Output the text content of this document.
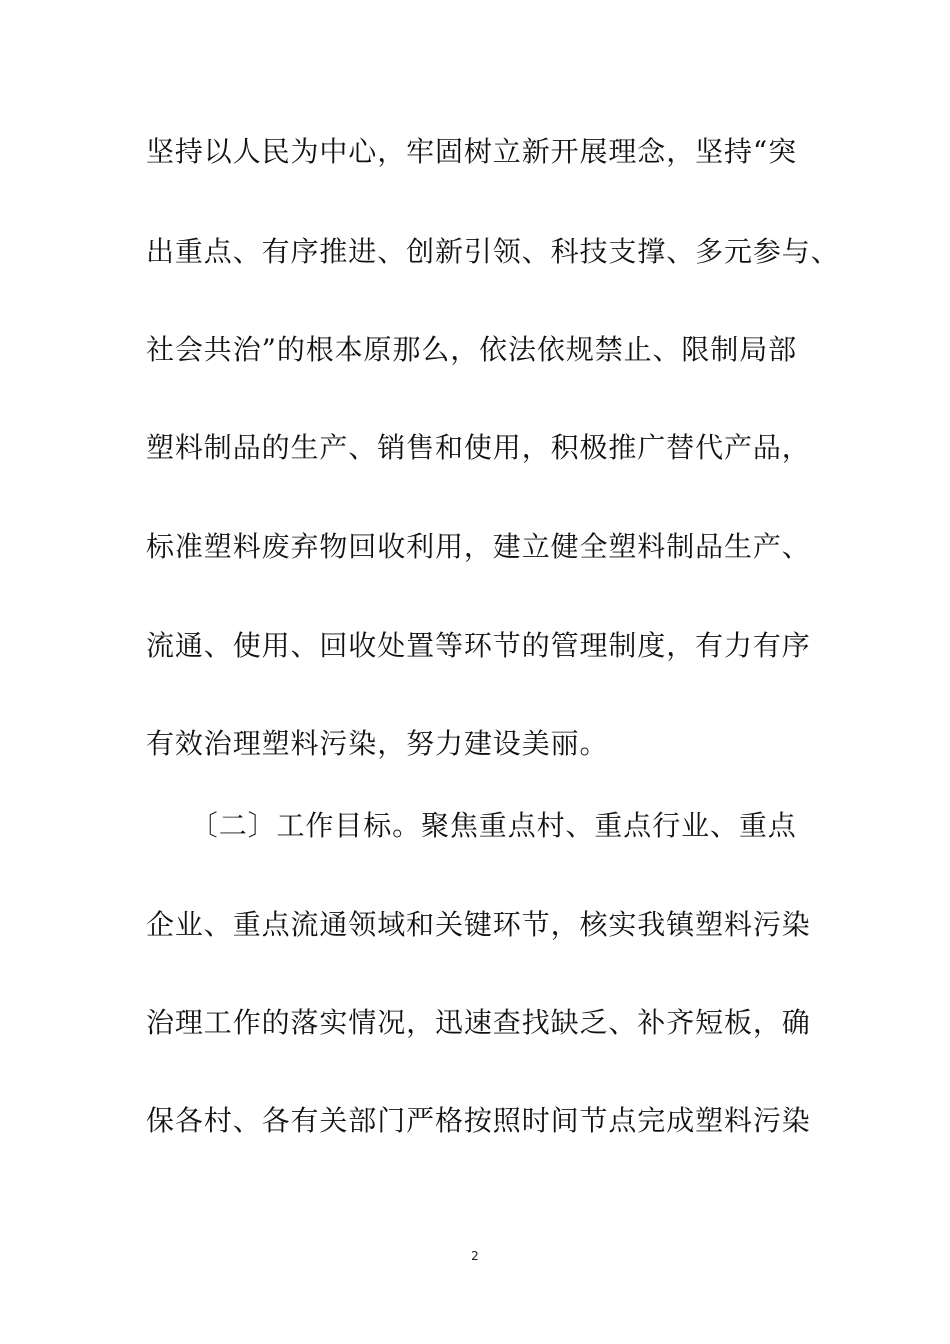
坚持以人民为中心，牢固树立新开展理念，坚持“突
出重点、有序推进、创新引领、科技支撑、多元参与、
社会共治”的根本原那么，依法依规禁止、限制局部
塑料制品的生产、销售和使用，积极推广替代产品，
标准塑料废弃物回收利用，建立健全塑料制品生产、
流通、使用、回收处置等环节的管理制度，有力有序
有效治理塑料污染，努力建设美丽。
　　〔二〕工作目标。聚焦重点村、重点行业、重点
企业、重点流通领域和关键环节，核实我镇塑料污染
治理工作的落实情况，迅速查找缺乏、补齐短板，确
保各村、各有关部门严格按照时间节点完成塑料污染
2
